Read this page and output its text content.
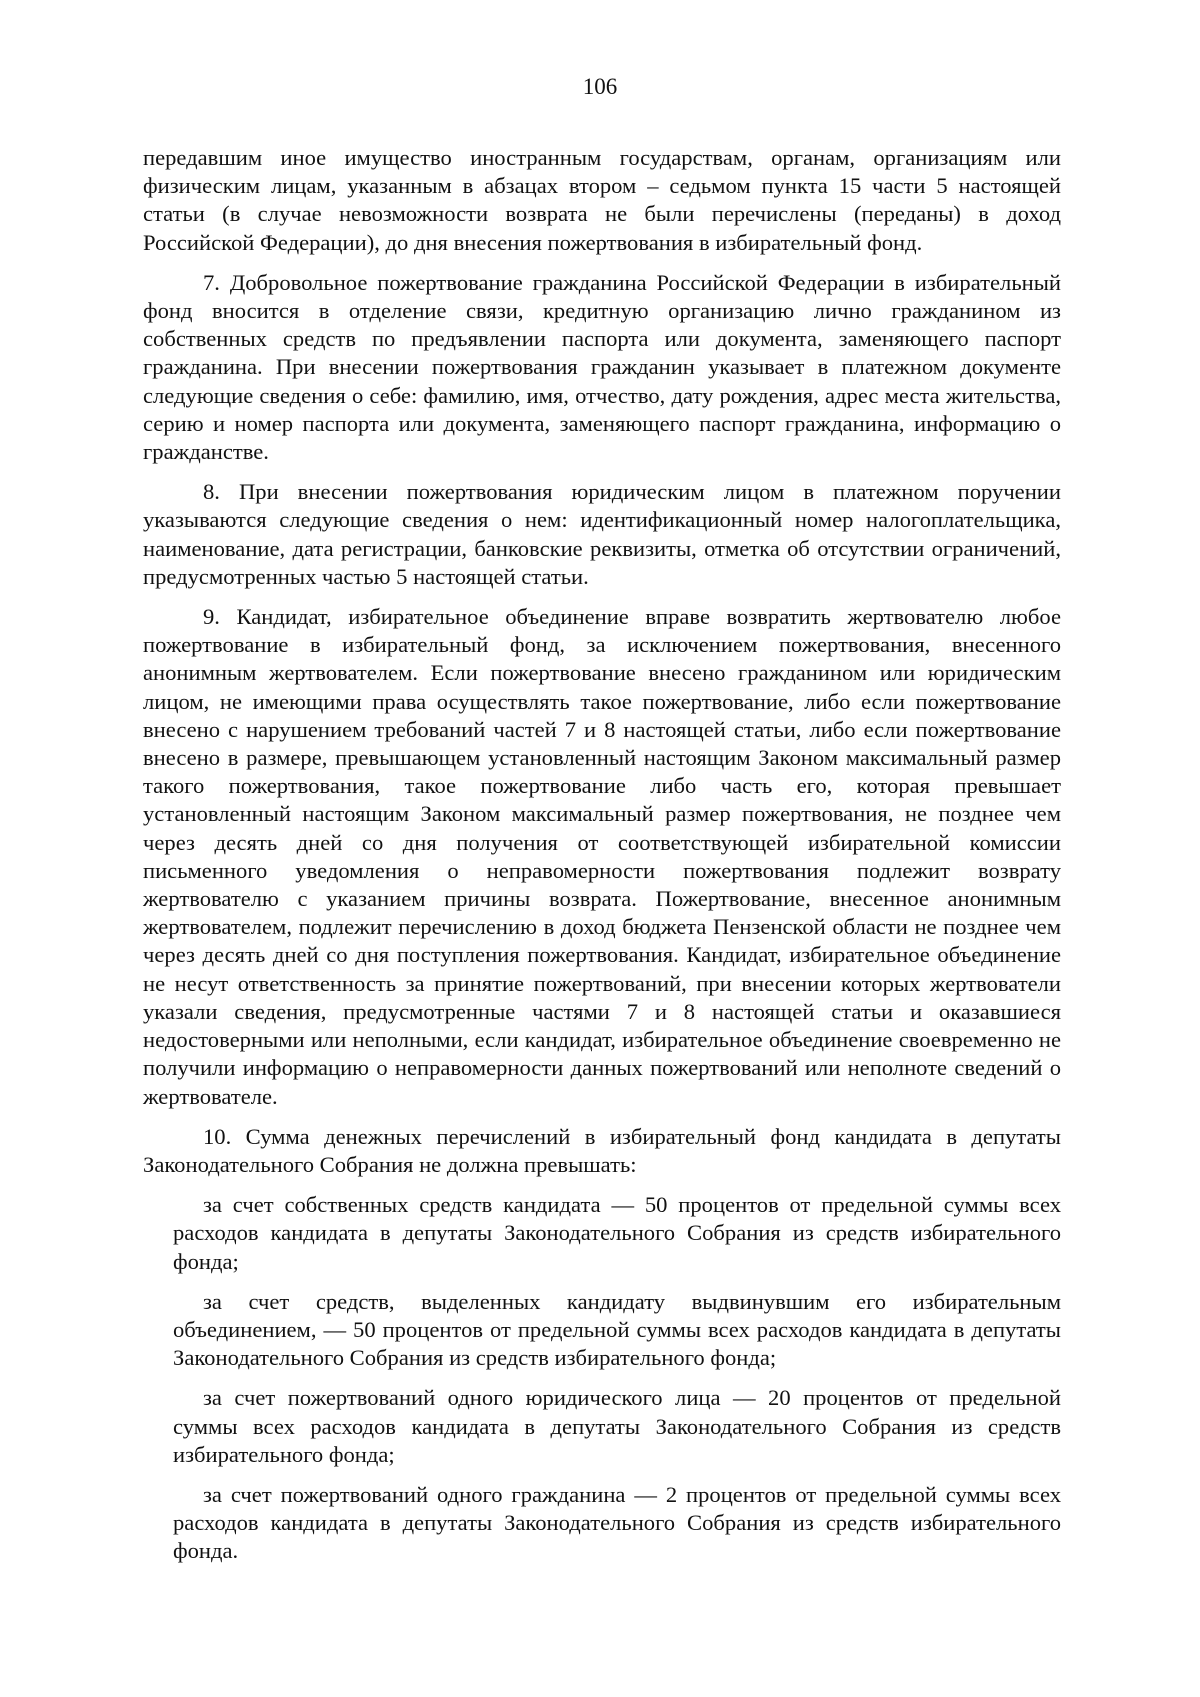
106

передавшим иное имущество иностранным государствам, органам, организациям или физическим лицам, указанным в абзацах втором – седьмом пункта 15 части 5 настоящей статьи (в случае невозможности возврата не были перечислены (переданы) в доход Российской Федерации), до дня внесения пожертвования в избирательный фонд.

7. Добровольное пожертвование гражданина Российской Федерации в избирательный фонд вносится в отделение связи, кредитную организацию лично гражданином из собственных средств по предъявлении паспорта или документа, заменяющего паспорт гражданина. При внесении пожертвования гражданин указывает в платежном документе следующие сведения о себе: фамилию, имя, отчество, дату рождения, адрес места жительства, серию и номер паспорта или документа, заменяющего паспорт гражданина, информацию о гражданстве.

8. При внесении пожертвования юридическим лицом в платежном поручении указываются следующие сведения о нем: идентификационный номер налогоплательщика, наименование, дата регистрации, банковские реквизиты, отметка об отсутствии ограничений, предусмотренных частью 5 настоящей статьи.

9. Кандидат, избирательное объединение вправе возвратить жертвователю любое пожертвование в избирательный фонд, за исключением пожертвования, внесенного анонимным жертвователем. Если пожертвование внесено гражданином или юридическим лицом, не имеющими права осуществлять такое пожертвование, либо если пожертвование внесено с нарушением требований частей 7 и 8 настоящей статьи, либо если пожертвование внесено в размере, превышающем установленный настоящим Законом максимальный размер такого пожертвования, такое пожертвование либо часть его, которая превышает установленный настоящим Законом максимальный размер пожертвования, не позднее чем через десять дней со дня получения от соответствующей избирательной комиссии письменного уведомления о неправомерности пожертвования подлежит возврату жертвователю с указанием причины возврата. Пожертвование, внесенное анонимным жертвователем, подлежит перечислению в доход бюджета Пензенской области не позднее чем через десять дней со дня поступления пожертвования. Кандидат, избирательное объединение не несут ответственность за принятие пожертвований, при внесении которых жертвователи указали сведения, предусмотренные частями 7 и 8 настоящей статьи и оказавшиеся недостоверными или неполными, если кандидат, избирательное объединение своевременно не получили информацию о неправомерности данных пожертвований или неполноте сведений о жертвователе.

10. Сумма денежных перечислений в избирательный фонд кандидата в депутаты Законодательного Собрания не должна превышать:

за счет собственных средств кандидата — 50 процентов от предельной суммы всех расходов кандидата в депутаты Законодательного Собрания из средств избирательного фонда;

за счет средств, выделенных кандидату выдвинувшим его избирательным объединением, — 50 процентов от предельной суммы всех расходов кандидата в депутаты Законодательного Собрания из средств избирательного фонда;

за счет пожертвований одного юридического лица — 20 процентов от предельной суммы всех расходов кандидата в депутаты Законодательного Собрания из средств избирательного фонда;

за счет пожертвований одного гражданина — 2 процентов от предельной суммы всех расходов кандидата в депутаты Законодательного Собрания из средств избирательного фонда.
